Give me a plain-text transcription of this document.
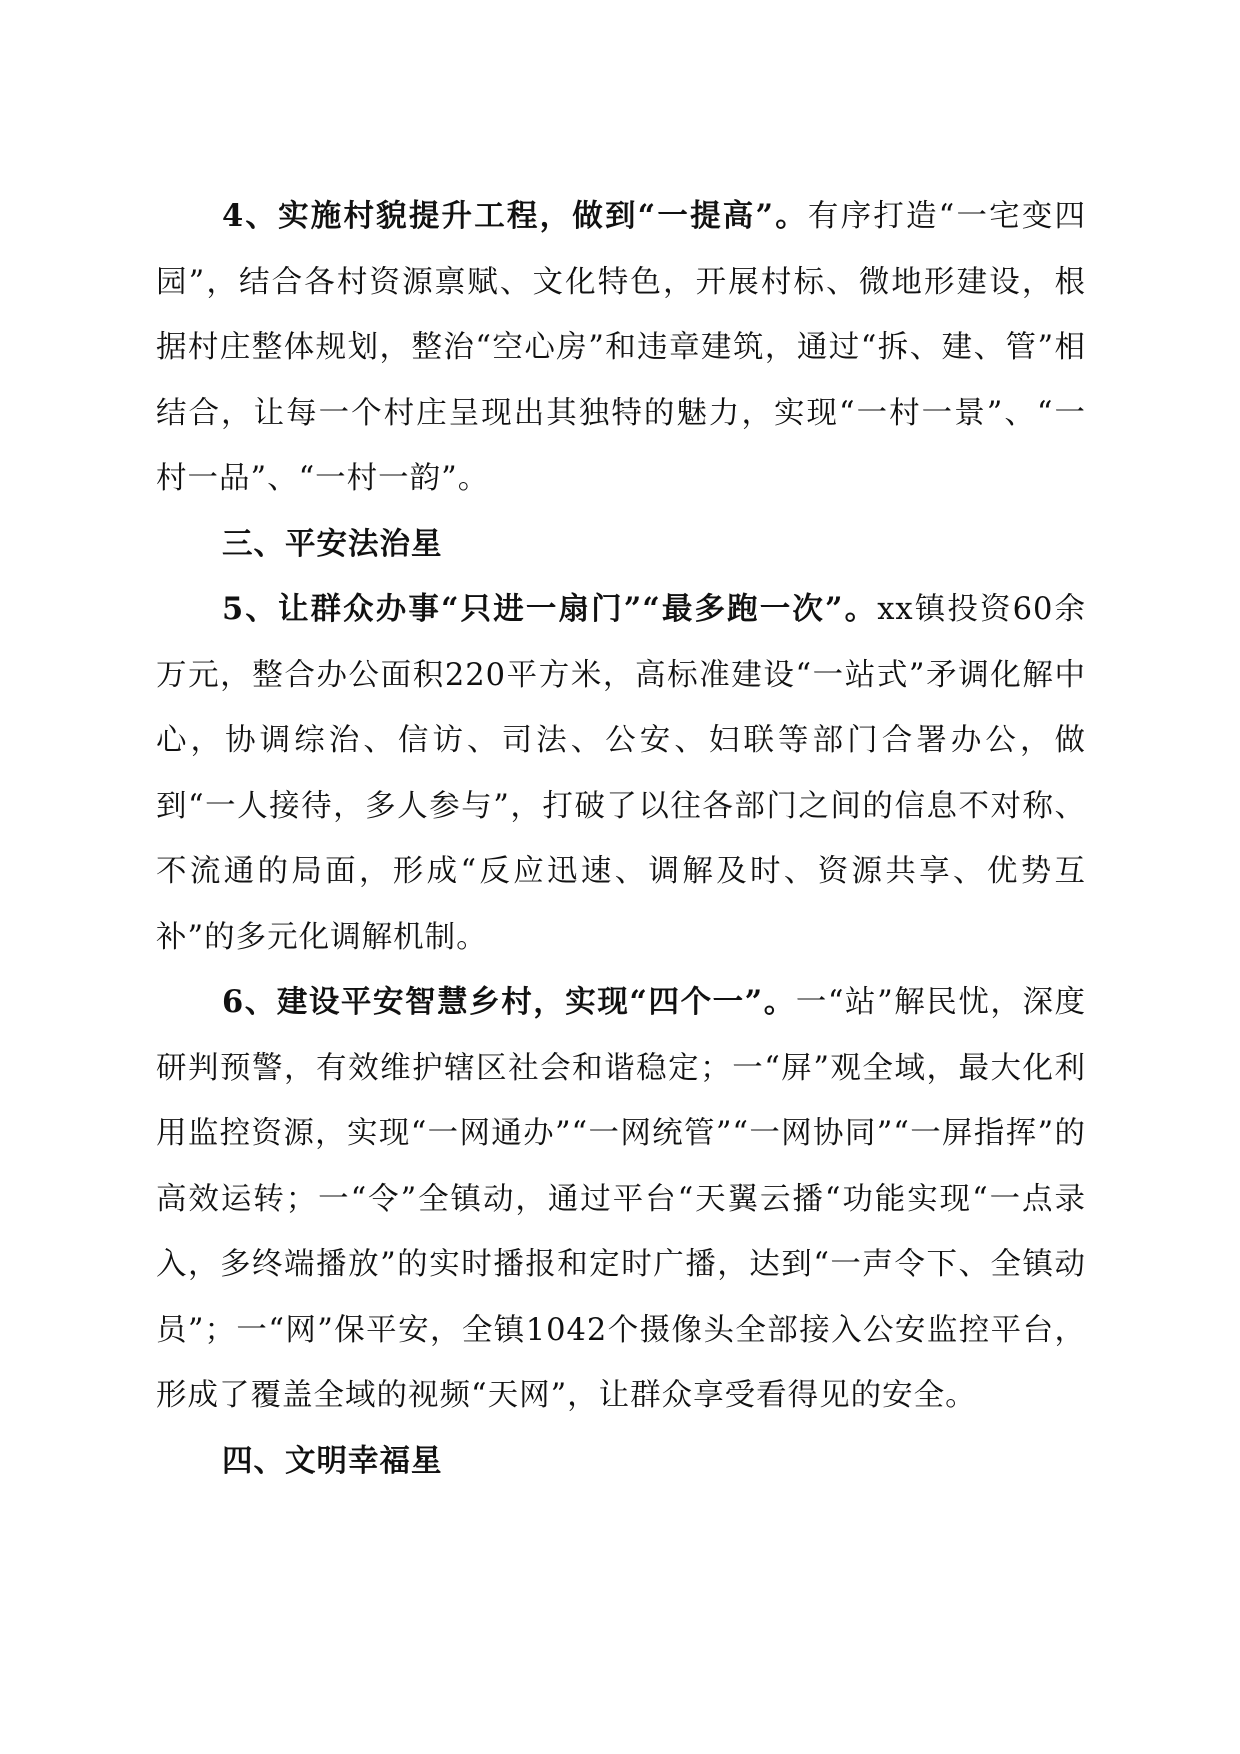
4、实施村貌提升工程，做到“一提高”。有序打造“一宅变四园”，结合各村资源禀赋、文化特色，开展村标、微地形建设，根据村庄整体规划，整治“空心房”和违章建筑，通过“拆、建、管”相结合，让每一个村庄呈现出其独特的魅力，实现“一村一景”、“一村一品”、“一村一韵”。

三、平安法治星

5、让群众办事“只进一扇门”“最多跑一次”。xx镇投资60余万元，整合办公面积220平方米，高标准建设“一站式”矛调化解中心，协调综治、信访、司法、公安、妇联等部门合署办公，做到“一人接待，多人参与”，打破了以往各部门之间的信息不对称、不流通的局面，形成“反应迅速、调解及时、资源共享、优势互补”的多元化调解机制。

6、建设平安智慧乡村，实现“四个一”。一“站”解民忧，深度研判预警，有效维护辖区社会和谐稳定；一“屏”观全域，最大化利用监控资源，实现“一网通办”“一网统管”“一网协同”“一屏指挥”的高效运转；一“令”全镇动，通过平台“天翼云播“功能实现“一点录入，多终端播放”的实时播报和定时广播，达到“一声令下、全镇动员”；一“网”保平安，全镇1042个摄像头全部接入公安监控平台，形成了覆盖全域的视频“天网”，让群众享受看得见的安全。

四、文明幸福星
